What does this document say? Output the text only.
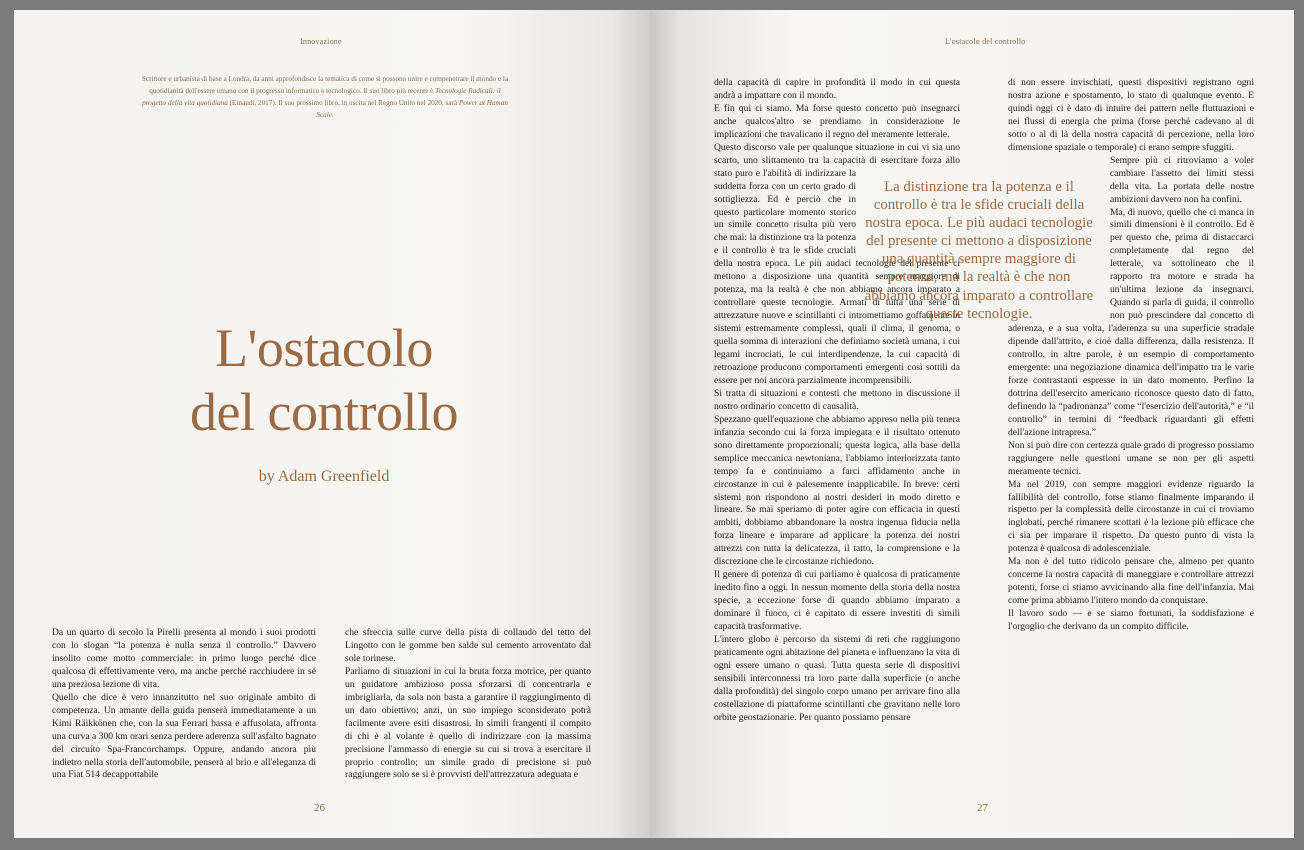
Innovazione
Scrittore e urbanista di base a Londra, da anni approfondisce la tematica di come si possono unire e compenetrare il mondo e la quotidianità dell'essere umano con il progresso informatico e tecnologico. Il suo libro più recente è Tecnologie Radicali: il progetto della vita quotidiana (Einaudi, 2017). Il suo prossimo libro, in uscita nel Regno Unito nel 2020, sarà Power at Human Scale.
L'ostacolo
del controllo
by Adam Greenfield

Da un quarto di secolo la Pirelli presenta al mondo i suoi prodotti con lo slogan “la potenza è nulla senza il controllo.” Davvero insolito come motto commerciale: in primo luogo perché dice qualcosa di effettivamente vero, ma anche perché racchiudere in sé una preziosa lezione di vita.

Quello che dice è vero innanzitutto nel suo originale ambito di competenza. Un amante della guida penserà immediatamente a un Kimi Räikkönen che, con la sua Ferrari bassa e affusolata, affronta una curva a 300 km orari senza perdere aderenza sull'asfalto bagnato del circuito Spa-Francorchamps. Oppure, andando ancora più indietro nella storia dell'automobile, penserà al brio e all'eleganza di una Fiat 514 decappottabile

che sfreccia sulle curve della pista di collaudo del tetto del Lingotto con le gomme ben salde sul cemento arroventato dal sole torinese.

Parliamo di situazioni in cui la bruta forza motrice, per quanto un guidatore ambizioso possa sforzarsi di concentrarla e imbrigliarla, da sola non basta a garantire il raggiungimento di un dato obiettivo; anzi, un suo impiego sconsiderato potrà facilmente avere esiti disastrosi. In simili frangenti il compito di chi è al volante è quello di indirizzare con la massima precisione l'ammasso di energie su cui si trova a esercitare il proprio controllo; un simile grado di precisione si può raggiungere solo se si è provvisti dell'attrezzatura adeguata e

26
L'ostacolo del controllo

della capacità di capire in profondità il modo in cui questa andrà a impattare con il mondo.

E fin qui ci siamo. Ma forse questo concetto può insegnarci anche qualcos'altro se prendiamo in considerazione le implicazioni che travalicano il regno del meramente letterale.

Questo discorso vale per qualunque situazione in cui vi sia uno scarto, uno slittamento tra la capacità di esercitare forza allo stato puro e l'abilità di indirizzare la suddetta forza con un certo grado di sottigliezza. Ed è perciò che in questo particolare momento storico un simile concetto risulta più vero che mai: la distinzione tra la potenza e il controllo è tra le sfide cruciali della nostra epoca. Le più audaci tecnologie del presente ci mettono a disposizione una quantità sempre maggiore di potenza, ma la realtà è che non abbiamo ancora imparato a controllare queste tecnologie. Armati di tutta una serie di attrezzature nuove e scintillanti ci intromettiamo goffamente in sistemi estremamente complessi, quali il clima, il genoma, o quella somma di interazioni che definiamo società umana, i cui legami incrociati, le cui interdipendenze, la cui capacità di retroazione producono comportamenti emergenti così sottili da essere per noi ancora parzialmente incomprensibili.

Si tratta di situazioni e contesti che mettono in discussione il nostro ordinario concetto di causalità.

Spezzano quell'equazione che abbiamo appreso nella più tenera infanzia secondo cui la forza impiegata e il risultato ottenuto sono direttamente proporzionali; questa logica, alla base della semplice meccanica newtoniana, l'abbiamo interiorizzata tanto tempo fa e continuiamo a farci affidamento anche in circostanze in cui è palesemente inapplicabile. In breve: certi sistemi non rispondono ai nostri desideri in modo diretto e lineare. Se mai speriamo di poter agire con efficacia in questi ambiti, dobbiamo abbandonare la nostra ingenua fiducia nella forza lineare e imparare ad applicare la potenza dei nostri attrezzi con tutta la delicatezza, il tatto, la comprensione e la discrezione che le circostanze richiedono.

Il genere di potenza di cui parliamo è qualcosa di praticamente inedito fino a oggi. In nessun momento della storia della nostra specie, a eccezione forse di quando abbiamo imparato a dominare il fuoco, ci è capitato di essere investiti di simili capacità trasformative.

L'intero globo è percorso da sistemi di reti che raggiungono praticamente ogni abitazione del pianeta e influenzano la vita di ogni essere umano o quasi. Tutta questa serie di dispositivi sensibili interconnessi tra loro parte dalla superficie (o anche dalla profondità) del singolo corpo umano per arrivare fino alla costellazione di piattaforme scintillanti che gravitano nelle loro orbite geostazionarie. Per quanto possiamo pensare

di non essere invischiati, questi dispositivi registrano ogni nostra azione e spostamento, lo stato di qualunque evento. E quindi oggi ci è dato di intuire dei pattern nelle fluttuazioni e nei flussi di energia che prima (forse perché cadevano al di sotto o al di là della nostra capacità di percezione, nella loro dimensione spaziale o temporale) ci erano sempre sfuggiti.

Sempre più ci ritroviamo a voler cambiare l'assetto dei limiti stessi della vita. La portata delle nostre ambizioni davvero non ha confini.

Ma, di nuovo, quello che ci manca in simili dimensioni è il controllo. Ed è per questo che, prima di distaccarci completamente dal regno del letterale, va sottolineato che il rapporto tra motore e strada ha un'ultima lezione da insegnarci. Quando si parla di guida, il controllo non può prescindere dal concetto di aderenza, e a sua volta, l'aderenza su una superficie stradale dipende dall'attrito, e cioè dalla differenza, dalla resistenza. Il controllo, in altre parole, è un esempio di comportamento emergente: una negoziazione dinamica dell'impatto tra le varie forze contrastanti espresse in un dato momento. Perfino la dottrina dell'esercito americano riconosce questo dato di fatto, definendo la “padronanza” come “l'esercizio dell'autorità,” e “il controllo” in termini di “feedback riguardanti gli effetti dell'azione intrapresa.”

Non si può dire con certezza quale grado di progresso possiamo raggiungere nelle questioni umane se non per gli aspetti meramente tecnici.

Ma nel 2019, con sempre maggiori evidenze riguardo la fallibilità del controllo, forse stiamo finalmente imparando il rispetto per la complessità delle circostanze in cui ci troviamo inglobati, perché rimanere scottati è la lezione più efficace che ci sia per imparare il rispetto. Da questo punto di vista la potenza è qualcosa di adolescenziale.

Ma non è del tutto ridicolo pensare che, almeno per quanto concerne la nostra capacità di maneggiare e controllare attrezzi potenti, forse ci stiamo avvicinando alla fine dell'infanzia. Mai come prima abbiamo l'intero mondo da conquistare.

Il lavoro sodo — e se siamo fortunati, la soddisfazione e l'orgoglio che derivano da un compito difficile.

La distinzione tra la potenza e il controllo è tra le sfide cruciali della nostra epoca. Le più audaci tecnologie del presente ci mettono a disposizione una quantità sempre maggiore di potenza, ma la realtà è che non abbiamo ancora imparato a controllare queste tecnologie.
27
